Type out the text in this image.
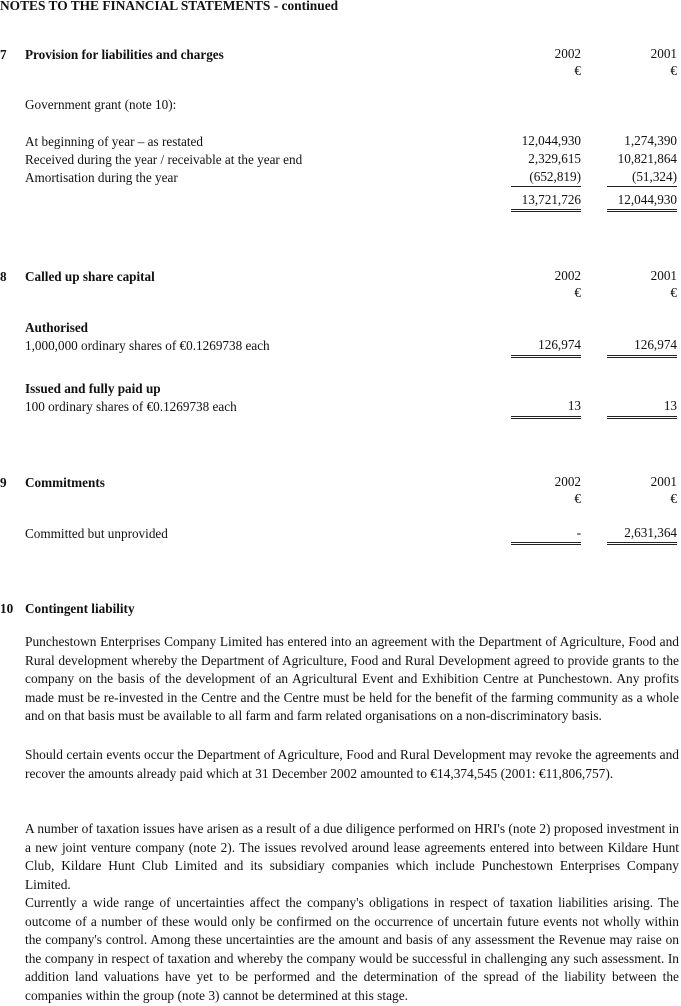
NOTES TO THE FINANCIAL STATEMENTS - continued
7 Provision for liabilities and charges	2002	2001
€	€
Government grant (note 10):
At beginning of year – as restated	12,044,930	1,274,390
Received during the year / receivable at the year end	2,329,615	10,821,864
Amortisation during the year	(652,819)	(51,324)
13,721,726	12,044,930
8 Called up share capital	2002	2001
€	€
Authorised
1,000,000 ordinary shares of €0.1269738 each	126,974	126,974
Issued and fully paid up
100 ordinary shares of €0.1269738 each	13	13
9 Commitments	2002	2001
€	€
Committed but unprovided	-	2,631,364
10 Contingent liability
Punchestown Enterprises Company Limited has entered into an agreement with the Department of Agriculture, Food and Rural development whereby the Department of Agriculture, Food and Rural Development agreed to provide grants to the company on the basis of the development of an Agricultural Event and Exhibition Centre at Punchestown. Any profits made must be re-invested in the Centre and the Centre must be held for the benefit of the farming community as a whole and on that basis must be available to all farm and farm related organisations on a non-discriminatory basis.
Should certain events occur the Department of Agriculture, Food and Rural Development may revoke the agreements and recover the amounts already paid which at 31 December 2002 amounted to €14,374,545 (2001: €11,806,757).
A number of taxation issues have arisen as a result of a due diligence performed on HRI's (note 2) proposed investment in a new joint venture company (note 2). The issues revolved around lease agreements entered into between Kildare Hunt Club, Kildare Hunt Club Limited and its subsidiary companies which include Punchestown Enterprises Company Limited.
Currently a wide range of uncertainties affect the company's obligations in respect of taxation liabilities arising. The outcome of a number of these would only be confirmed on the occurrence of uncertain future events not wholly within the company's control. Among these uncertainties are the amount and basis of any assessment the Revenue may raise on the company in respect of taxation and whereby the company would be successful in challenging any such assessment. In addition land valuations have yet to be performed and the determination of the spread of the liability between the companies within the group (note 3) cannot be determined at this stage.
